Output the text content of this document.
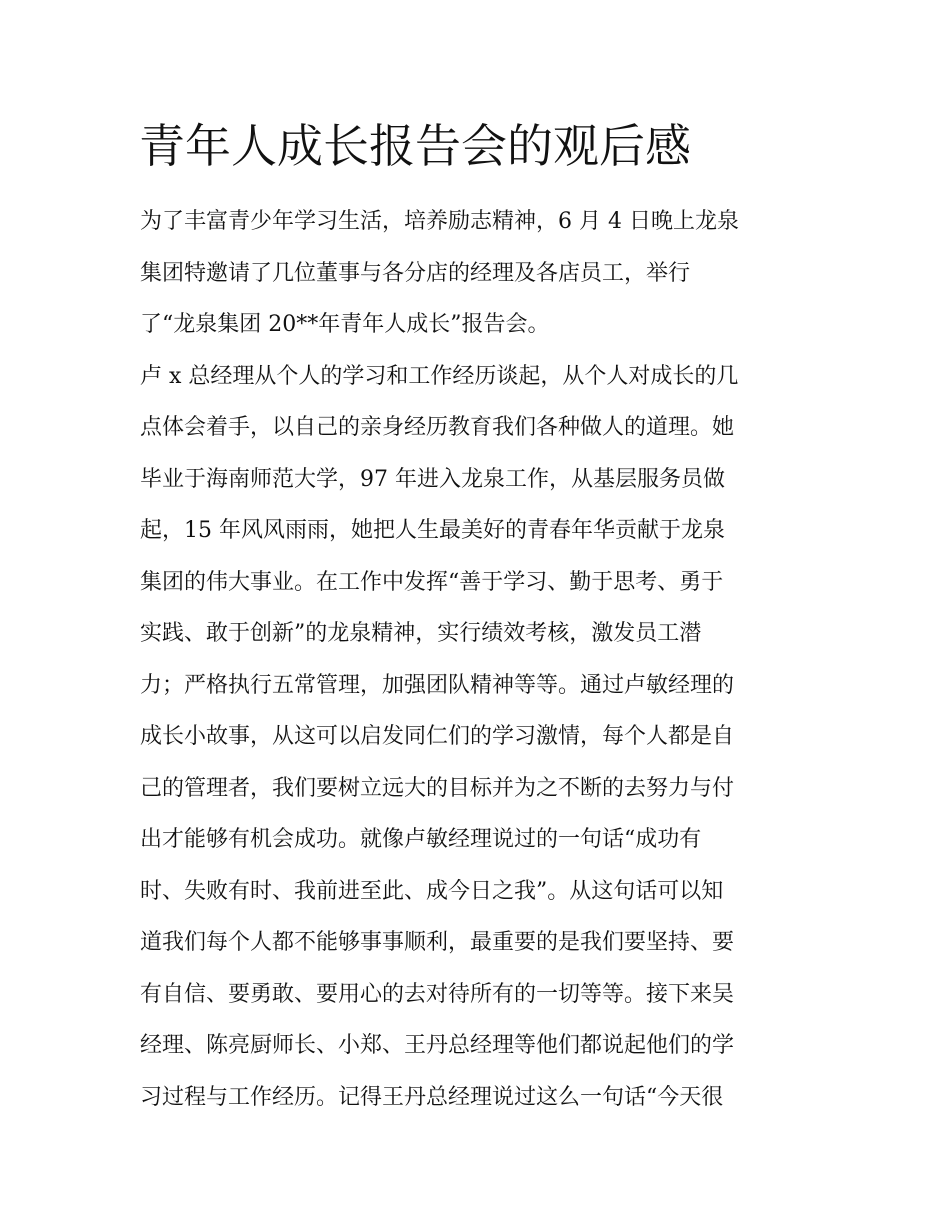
青年人成长报告会的观后感
为了丰富青少年学习生活，培养励志精神，6 月 4 日晚上龙泉
集团特邀请了几位董事与各分店的经理及各店员工，举行
了“龙泉集团 20**年青年人成长”报告会。
卢 x 总经理从个人的学习和工作经历谈起，从个人对成长的几
点体会着手，以自己的亲身经历教育我们各种做人的道理。她
毕业于海南师范大学，97 年进入龙泉工作，从基层服务员做
起，15 年风风雨雨，她把人生最美好的青春年华贡献于龙泉
集团的伟大事业。在工作中发挥“善于学习、勤于思考、勇于
实践、敢于创新”的龙泉精神，实行绩效考核，激发员工潜
力；严格执行五常管理，加强团队精神等等。通过卢敏经理的
成长小故事，从这可以启发同仁们的学习激情，每个人都是自
己的管理者，我们要树立远大的目标并为之不断的去努力与付
出才能够有机会成功。就像卢敏经理说过的一句话“成功有
时、失败有时、我前进至此、成今日之我”。从这句话可以知
道我们每个人都不能够事事顺利，最重要的是我们要坚持、要
有自信、要勇敢、要用心的去对待所有的一切等等。接下来吴
经理、陈亮厨师长、小郑、王丹总经理等他们都说起他们的学
习过程与工作经历。记得王丹总经理说过这么一句话“今天很
